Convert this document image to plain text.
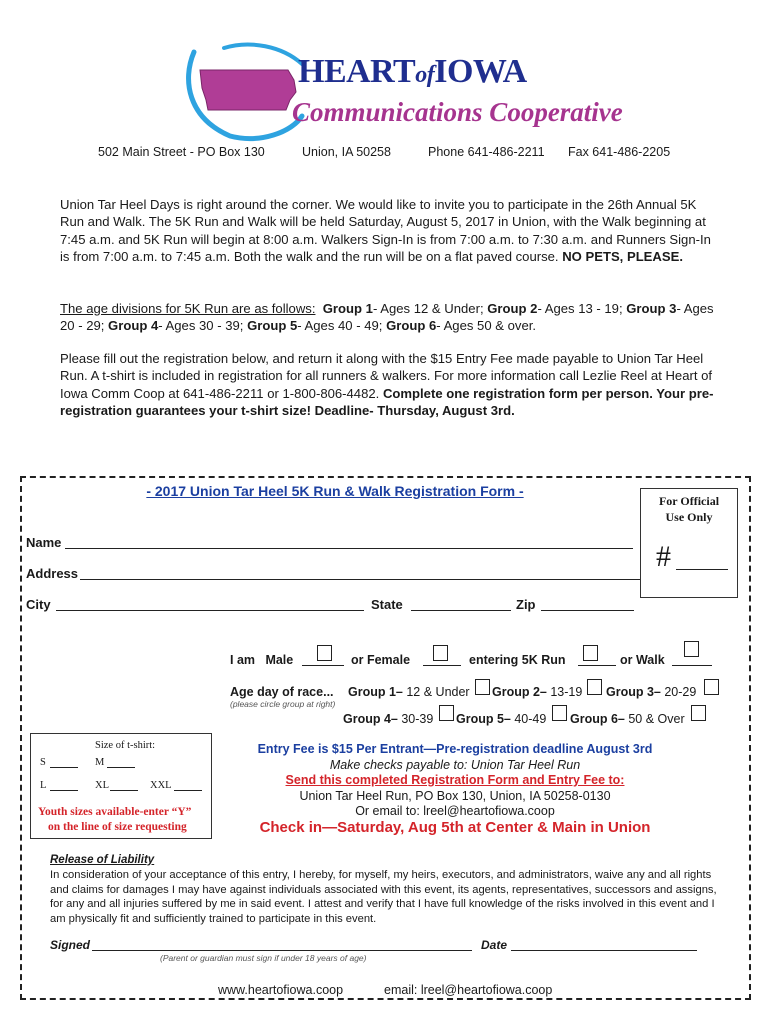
HEARTofIOWA
Communications Cooperative
502 Main Street - PO Box 130	Union, IA 50258	Phone 641-486-2211 Fax 641-486-2205
Union Tar Heel Days is right around the corner. We would like to invite you to participate in the 26th Annual 5K Run and Walk. The 5K Run and Walk will be held Saturday, August 5, 2017 in Union, with the Walk beginning at 7:45 a.m. and 5K Run will begin at 8:00 a.m. Walkers Sign-In is from 7:00 a.m. to 7:30 a.m. and Runners Sign-In is from 7:00 a.m. to 7:45 a.m. Both the walk and the run will be on a flat paved course. NO PETS, PLEASE.
The age divisions for 5K Run are as follows: Group 1- Ages 12 & Under; Group 2- Ages 13 - 19; Group 3- Ages 20 - 29; Group 4- Ages 30 - 39; Group 5- Ages 40 - 49; Group 6- Ages 50 & over.
Please fill out the registration below, and return it along with the $15 Entry Fee made payable to Union Tar Heel Run. A t-shirt is included in registration for all runners & walkers. For more information call Lezlie Reel at Heart of Iowa Comm Coop at 641-486-2211 or 1-800-806-4482. Complete one registration form per person. Your pre-registration guarantees your t-shirt size! Deadline- Thursday, August 3rd.
- 2017 Union Tar Heel 5K Run & Walk Registration Form -
For Official Use Only
#
Name
Address
City	State	Zip
I am Male	or Female	entering 5K Run	or Walk
Age day of race...
(please circle group at right)
Group 1– 12 & Under Group 2– 13-19 Group 3– 20-29
Group 4– 30-39 Group 5– 40-49 Group 6– 50 & Over
Size of t-shirt:
S	M
L	XL	XXL
Youth sizes available-enter “Y”
on the line of size requesting
Entry Fee is $15 Per Entrant—Pre-registration deadline August 3rd
Make checks payable to: Union Tar Heel Run
Send this completed Registration Form and Entry Fee to:
Union Tar Heel Run, PO Box 130, Union, IA 50258-0130
Or email to: lreel@heartofiowa.coop
Check in—Saturday, Aug 5th at Center & Main in Union
Release of Liability
In consideration of your acceptance of this entry, I hereby, for myself, my heirs, executors, and administrators, waive any and all rights and claims for damages I may have against individuals associated with this event, its agents, representatives, successors and assigns, for any and all injuries suffered by me in said event. I attest and verify that I have full knowledge of the risks involved in this event and I am physically fit and sufficiently trained to participate in this event.
Signed	Date
(Parent or guardian must sign if under 18 years of age)
www.heartofiowa.coop	email: lreel@heartofiowa.coop
